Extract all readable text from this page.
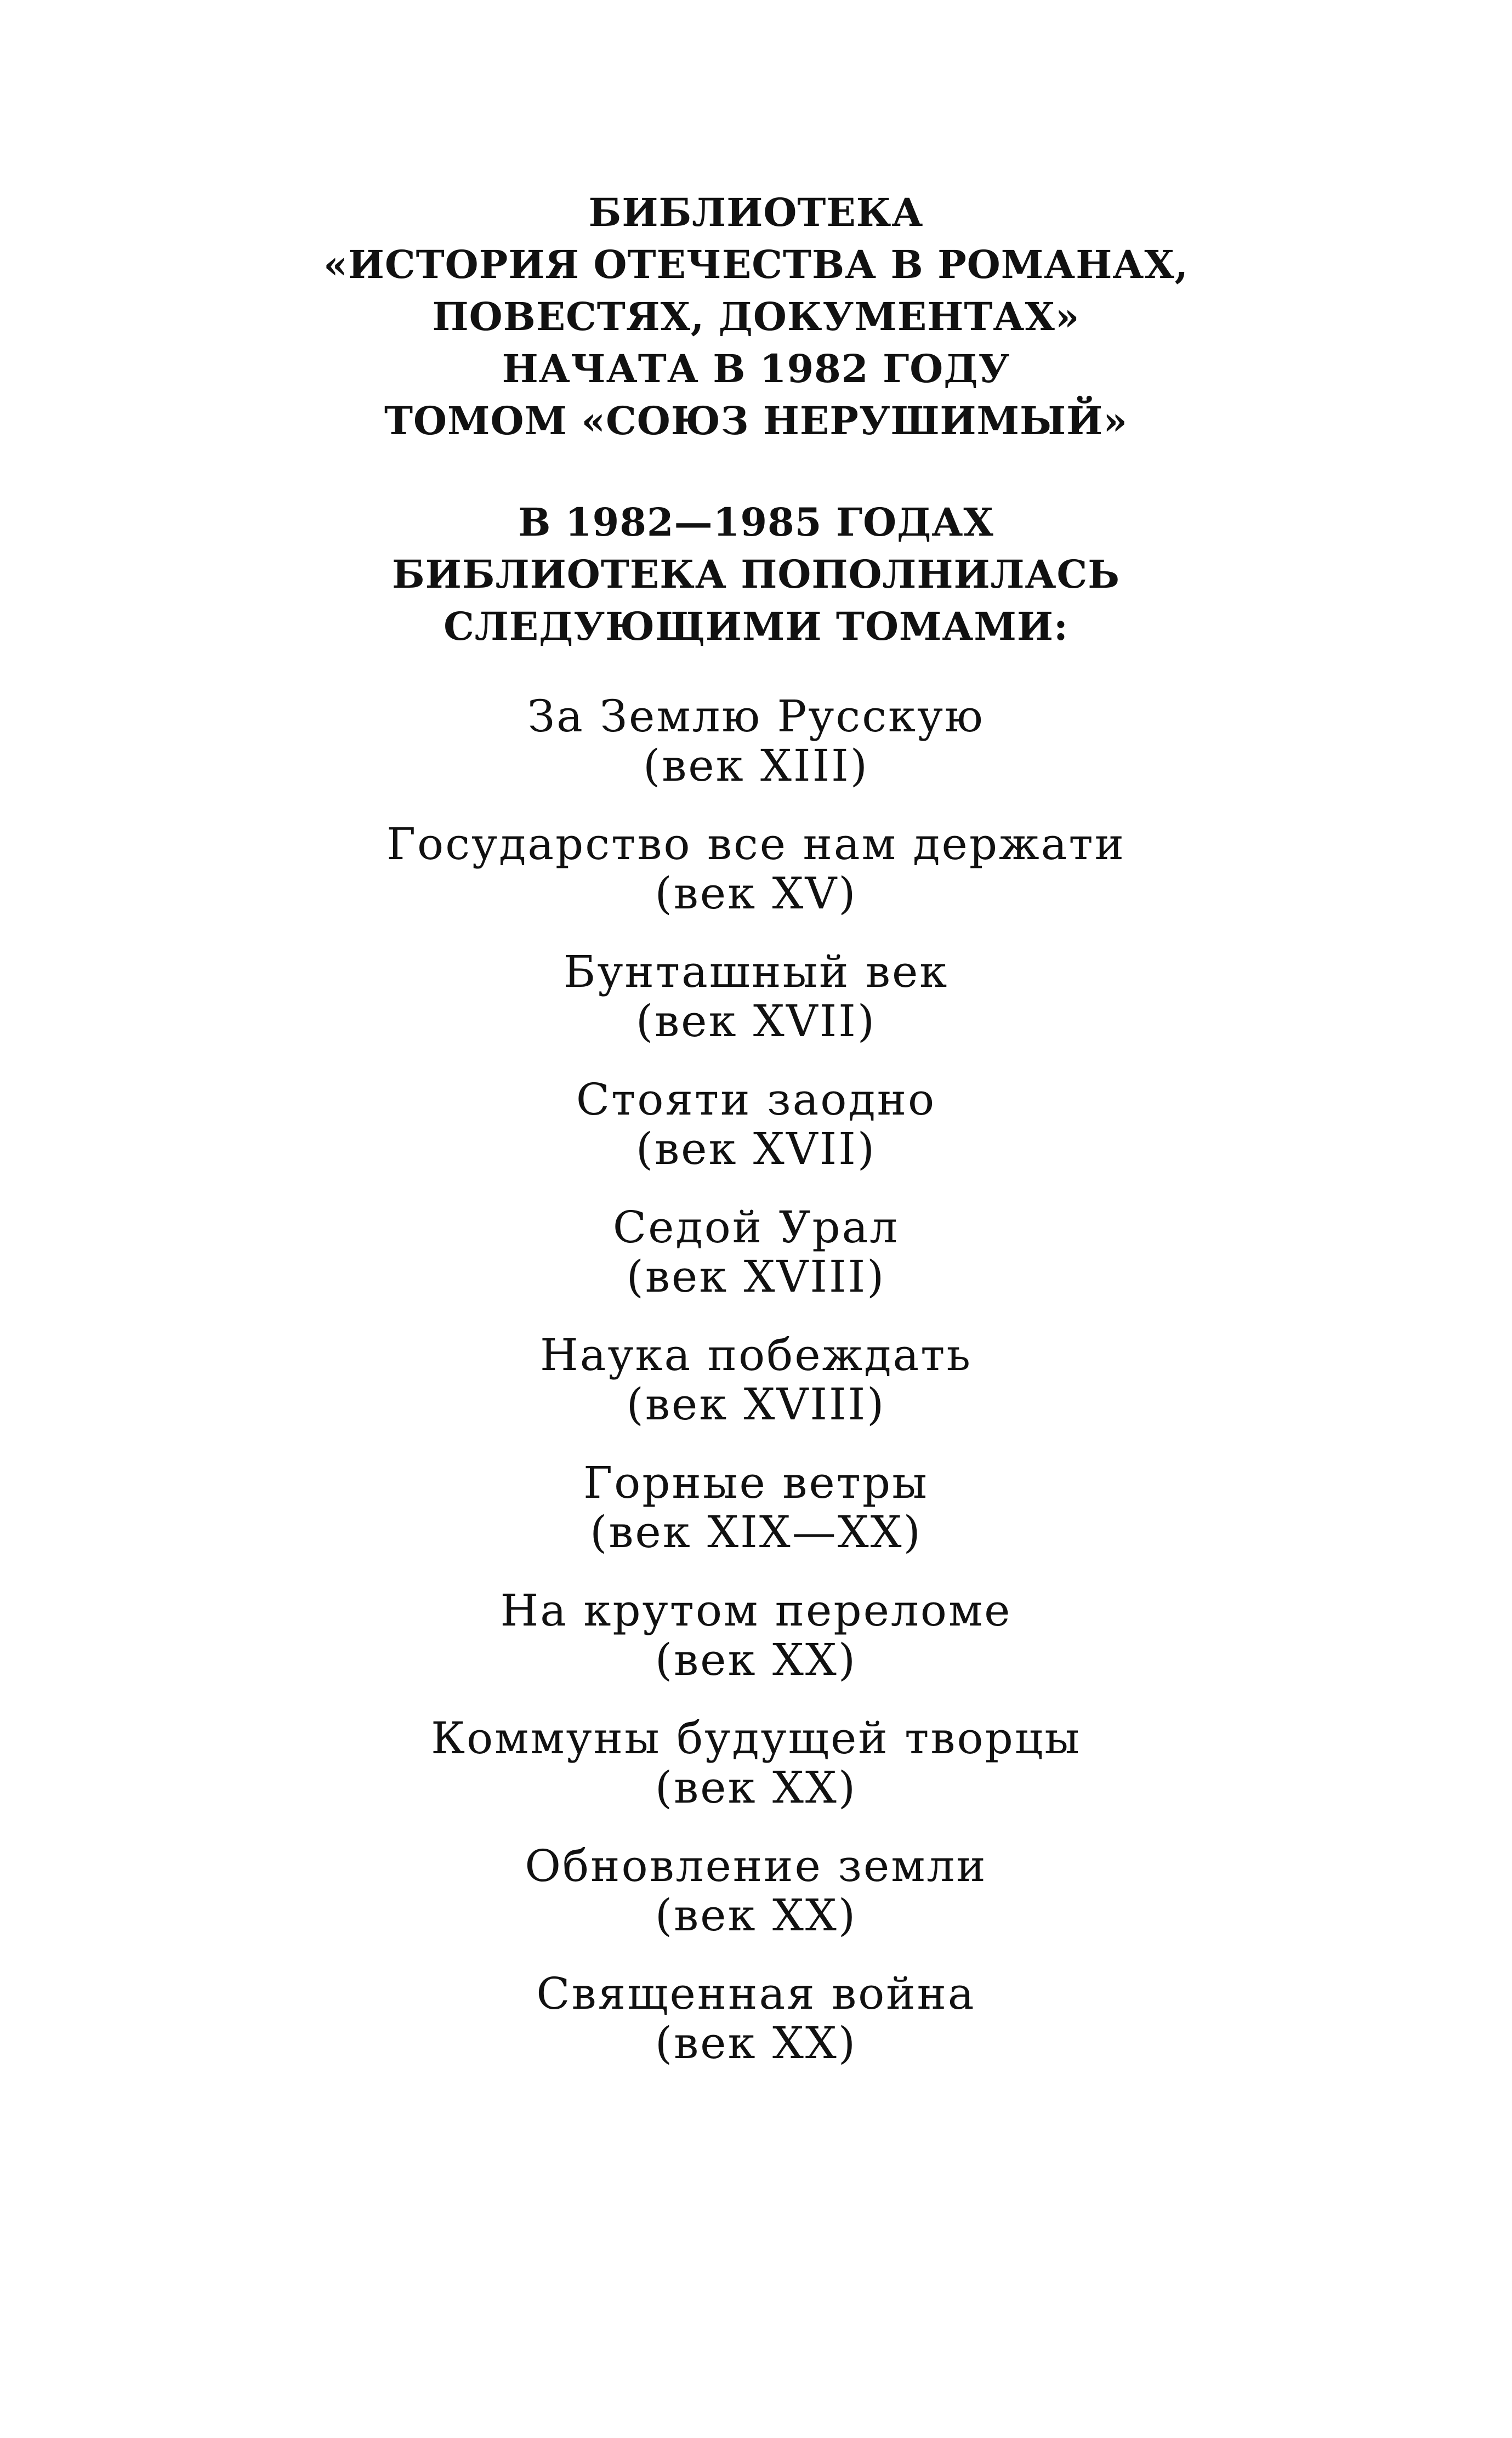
БИБЛИОТЕКА
«ИСТОРИЯ ОТЕЧЕСТВА В РОМАНАХ,
ПОВЕСТЯХ, ДОКУМЕНТАХ»
НАЧАТА В 1982 ГОДУ
ТОМОМ «СОЮЗ НЕРУШИМЫЙ»

В 1982—1985 ГОДАХ
БИБЛИОТЕКА ПОПОЛНИЛАСЬ
СЛЕДУЮЩИМИ ТОМАМИ:

За Землю Русскую
(век XIII)
Государство все нам держати
(век XV)
Бунташный век
(век XVII)
Стояти заодно
(век XVII)
Седой Урал
(век XVIII)
Наука побеждать
(век XVIII)
Горные ветры
(век XIX—XX)
На крутом переломе
(век XX)
Коммуны будущей творцы
(век XX)
Обновление земли
(век XX)
Священная война
(век XX)
